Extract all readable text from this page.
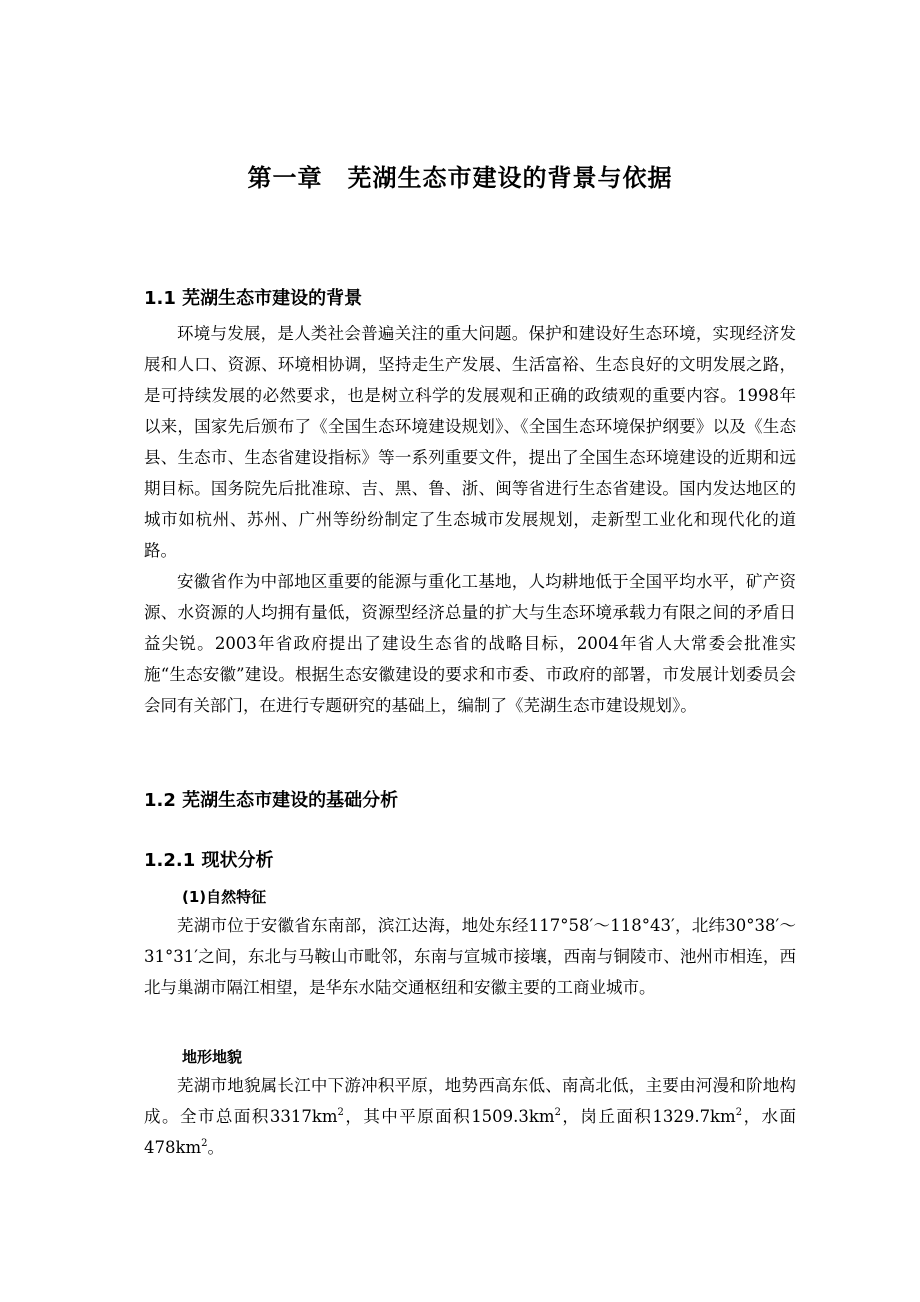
第一章　芜湖生态市建设的背景与依据
1.1 芜湖生态市建设的背景

环境与发展，是人类社会普遍关注的重大问题。保护和建设好生态环境，实现经济发展和人口、资源、环境相协调，坚持走生产发展、生活富裕、生态良好的文明发展之路，是可持续发展的必然要求，也是树立科学的发展观和正确的政绩观的重要内容。1998年以来，国家先后颁布了《全国生态环境建设规划》、《全国生态环境保护纲要》以及《生态县、生态市、生态省建设指标》等一系列重要文件，提出了全国生态环境建设的近期和远期目标。国务院先后批准琼、吉、黑、鲁、浙、闽等省进行生态省建设。国内发达地区的城市如杭州、苏州、广州等纷纷制定了生态城市发展规划，走新型工业化和现代化的道路。

安徽省作为中部地区重要的能源与重化工基地，人均耕地低于全国平均水平，矿产资源、水资源的人均拥有量低，资源型经济总量的扩大与生态环境承载力有限之间的矛盾日益尖锐。2003年省政府提出了建设生态省的战略目标，2004年省人大常委会批准实施“生态安徽”建设。根据生态安徽建设的要求和市委、市政府的部署，市发展计划委员会会同有关部门，在进行专题研究的基础上，编制了《芜湖生态市建设规划》。

1.2 芜湖生态市建设的基础分析
1.2.1 现状分析
(1)自然特征

芜湖市位于安徽省东南部，滨江达海，地处东经117°58′～118°43′，北纬30°38′～31°31′之间，东北与马鞍山市毗邻，东南与宣城市接壤，西南与铜陵市、池州市相连，西北与巢湖市隔江相望，是华东水陆交通枢纽和安徽主要的工商业城市。

地形地貌

芜湖市地貌属长江中下游冲积平原，地势西高东低、南高北低，主要由河漫和阶地构成。全市总面积$3317km^2$，其中平原面积$1509.3km^2$，岗丘面积$1329.7km^2$，水面$478km^2$。
